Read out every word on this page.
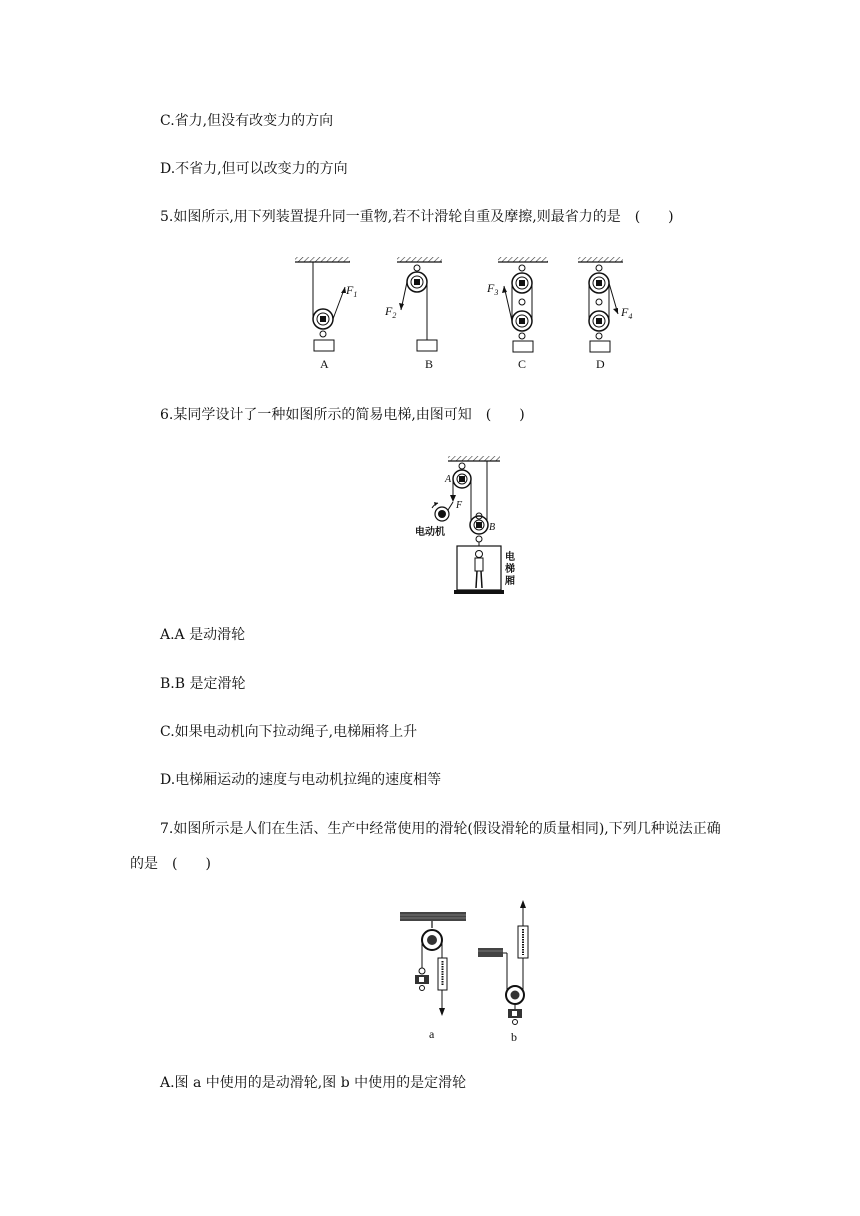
C.省力,但没有改变力的方向
D.不省力,但可以改变力的方向
5.如图所示,用下列装置提升同一重物,若不计滑轮自重及摩擦,则最省力的是　(　　)
$F_1$
A
$F_2$
B
$F_3$
C
$F_4$
D
6.某同学设计了一种如图所示的简易电梯,由图可知　(　　)
A
B
F
电动机
电
梯
厢
A.A 是动滑轮
B.B 是定滑轮
C.如果电动机向下拉动绳子,电梯厢将上升
D.电梯厢运动的速度与电动机拉绳的速度相等
7.如图所示是人们在生活、生产中经常使用的滑轮(假设滑轮的质量相同),下列几种说法正确
的是　(　　)
a	b
A.图 a 中使用的是动滑轮,图 b 中使用的是定滑轮
